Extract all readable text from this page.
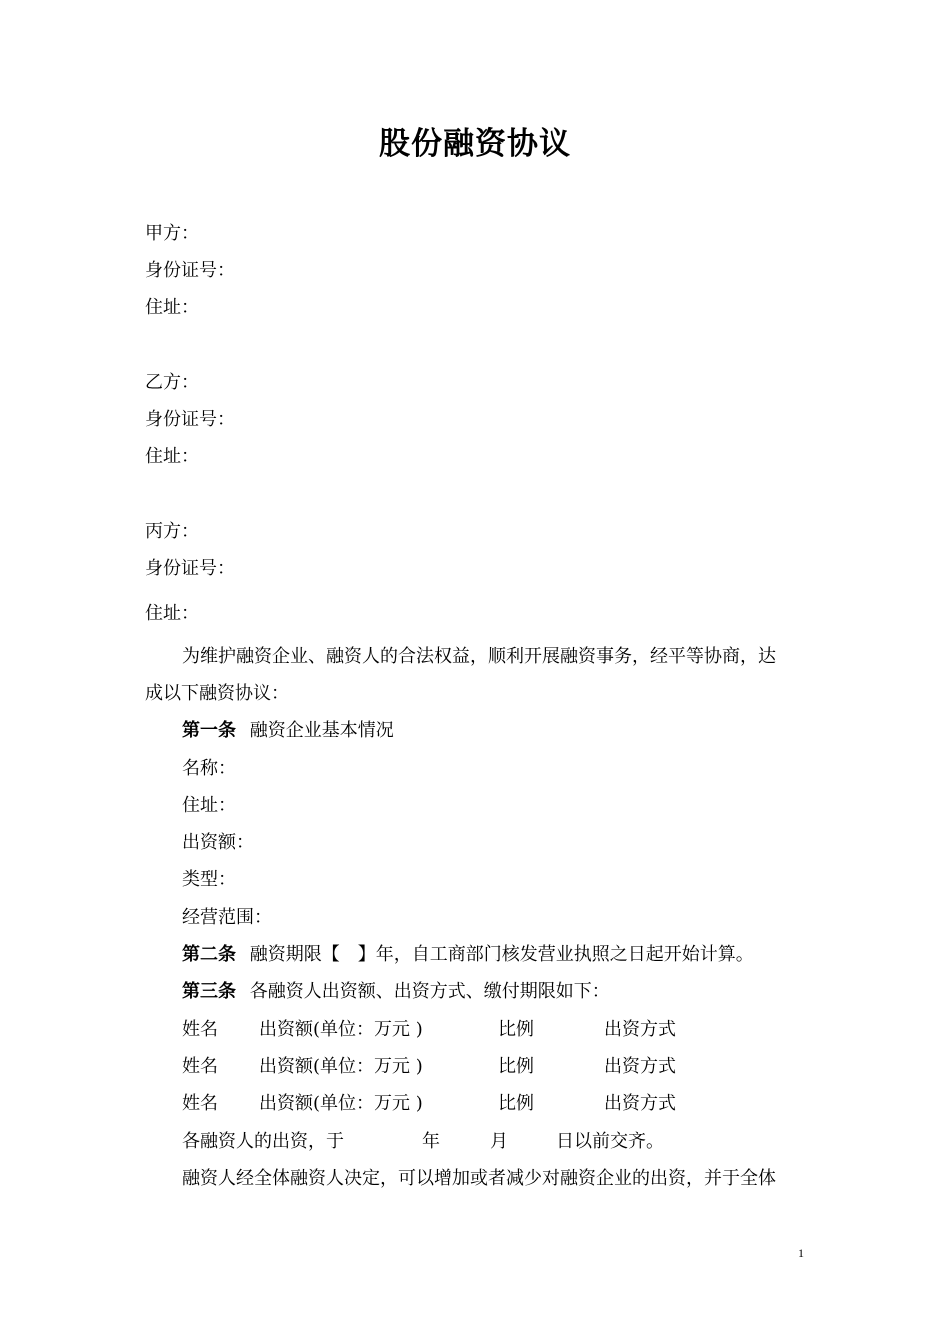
股份融资协议
甲方：
身份证号：
住址：
乙方：
身份证号：
住址：
丙方：
身份证号：
住址：
为维护融资企业、融资人的合法权益，顺利开展融资事务，经平等协商，达
成以下融资协议：
第一条 融资企业基本情况
名称：
住址：
出资额：
类型：
经营范围：
第二条 融资期限【　】年，自工商部门核发营业执照之日起开始计算。
第三条 各融资人出资额、出资方式、缴付期限如下：
姓名 出资额(单位：万元 )	比例	出资方式
姓名 出资额(单位：万元 )	比例	出资方式
姓名 出资额(单位：万元 )	比例	出资方式
各融资人的出资，于	年	月	日以前交齐。
融资人经全体融资人决定，可以增加或者减少对融资企业的出资，并于全体
1
